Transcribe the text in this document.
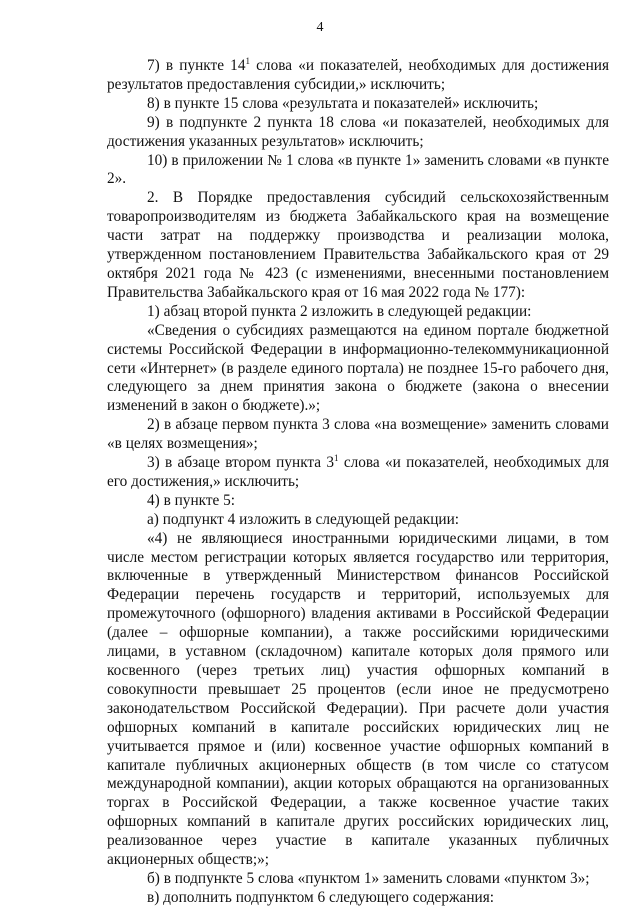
4

7) в пункте $14^1$ слова «и показателей, необходимых для достижения результатов предоставления субсидии,» исключить;

8) в пункте 15 слова «результата и показателей» исключить;

9) в подпункте 2 пункта 18 слова «и показателей, необходимых для достижения указанных результатов» исключить;

10) в приложении № 1 слова «в пункте 1» заменить словами «в пункте 2».

2. В Порядке предоставления субсидий сельскохозяйственным товаропроизводителям из бюджета Забайкальского края на возмещение части затрат на поддержку производства и реализации молока, утвержденном постановлением Правительства Забайкальского края от 29 октября 2021 года № 423 (с изменениями, внесенными постановлением Правительства Забайкальского края от 16 мая 2022 года № 177):

1) абзац второй пункта 2 изложить в следующей редакции:

«Сведения о субсидиях размещаются на едином портале бюджетной системы Российской Федерации в информационно-телекоммуникационной сети «Интернет» (в разделе единого портала) не позднее 15-го рабочего дня, следующего за днем принятия закона о бюджете (закона о внесении изменений в закон о бюджете).»;

2) в абзаце первом пункта 3 слова «на возмещение» заменить словами «в целях возмещения»;

3) в абзаце втором пункта $3^1$ слова «и показателей, необходимых для его достижения,» исключить;

4) в пункте 5:

а) подпункт 4 изложить в следующей редакции:

«4) не являющиеся иностранными юридическими лицами, в том числе местом регистрации которых является государство или территория, включенные в утвержденный Министерством финансов Российской Федерации перечень государств и территорий, используемых для промежуточного (офшорного) владения активами в Российской Федерации (далее – офшорные компании), а также российскими юридическими лицами, в уставном (складочном) капитале которых доля прямого или косвенного (через третьих лиц) участия офшорных компаний в совокупности превышает 25 процентов (если иное не предусмотрено законодательством Российской Федерации). При расчете доли участия офшорных компаний в капитале российских юридических лиц не учитывается прямое и (или) косвенное участие офшорных компаний в капитале публичных акционерных обществ (в том числе со статусом международной компании), акции которых обращаются на организованных торгах в Российской Федерации, а также косвенное участие таких офшорных компаний в капитале других российских юридических лиц, реализованное через участие в капитале указанных публичных акционерных обществ;»;

б) в подпункте 5 слова «пунктом 1» заменить словами «пунктом 3»;

в) дополнить подпунктом 6 следующего содержания:
